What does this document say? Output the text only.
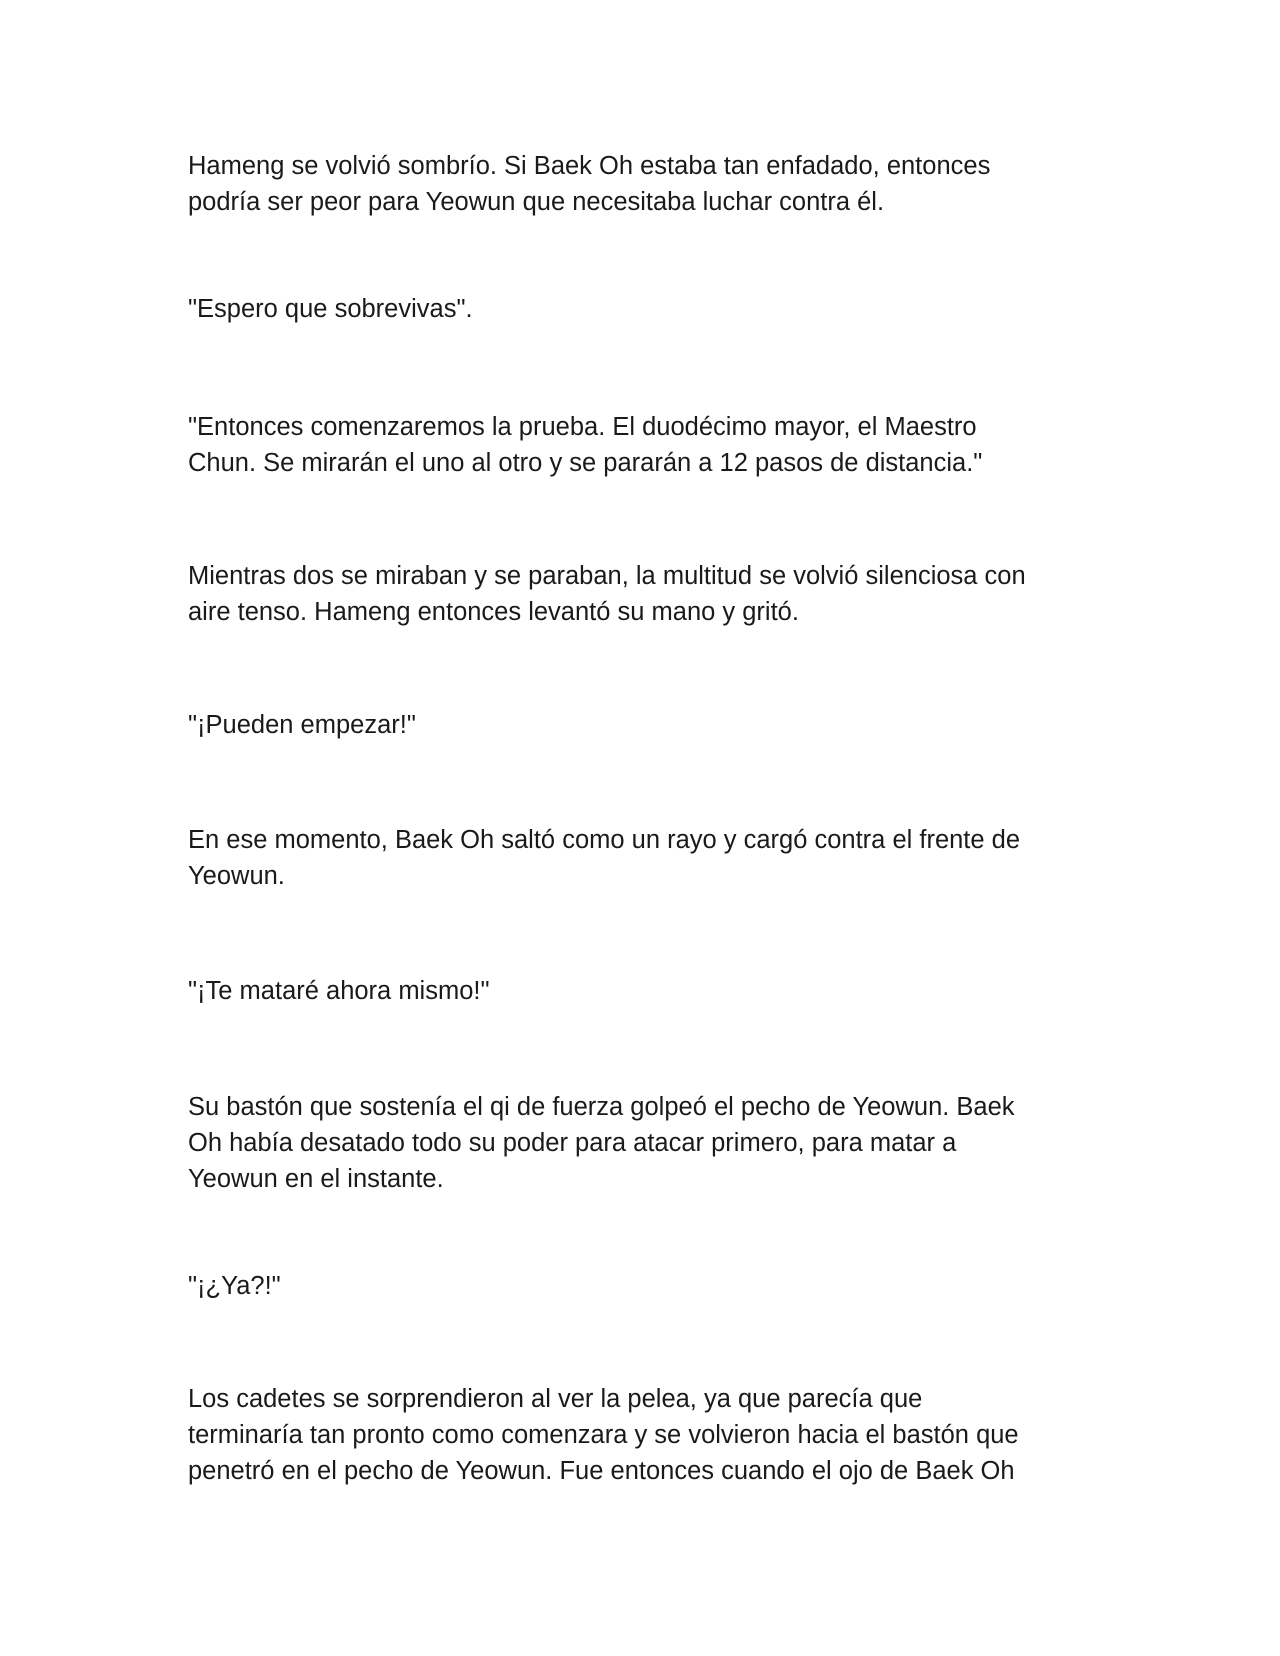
Hameng se volvió sombrío. Si Baek Oh estaba tan enfadado, entonces
podría ser peor para Yeowun que necesitaba luchar contra él.

"Espero que sobrevivas".

"Entonces comenzaremos la prueba. El duodécimo mayor, el Maestro
Chun. Se mirarán el uno al otro y se pararán a 12 pasos de distancia."

Mientras dos se miraban y se paraban, la multitud se volvió silenciosa con
aire tenso. Hameng entonces levantó su mano y gritó.

"¡Pueden empezar!"

En ese momento, Baek Oh saltó como un rayo y cargó contra el frente de
Yeowun.

"¡Te mataré ahora mismo!"

Su bastón que sostenía el qi de fuerza golpeó el pecho de Yeowun. Baek
Oh había desatado todo su poder para atacar primero, para matar a
Yeowun en el instante.

"¡¿Ya?!"

Los cadetes se sorprendieron al ver la pelea, ya que parecía que
terminaría tan pronto como comenzara y se volvieron hacia el bastón que
penetró en el pecho de Yeowun. Fue entonces cuando el ojo de Baek Oh
